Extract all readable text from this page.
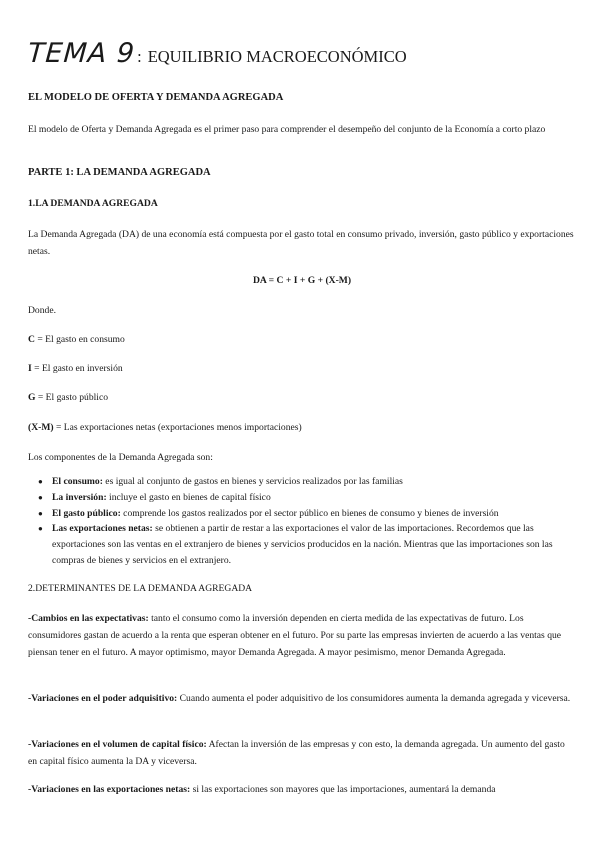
TEMA 9 : EQUILIBRIO MACROECONÓMICO
EL MODELO DE OFERTA Y DEMANDA AGREGADA
El modelo de Oferta y Demanda Agregada es el primer paso para comprender el desempeño del conjunto de la Economía a corto plazo
PARTE 1: LA DEMANDA AGREGADA
1.LA DEMANDA AGREGADA
La Demanda Agregada (DA) de una economía está compuesta por el gasto total en consumo privado, inversión, gasto público y exportaciones netas.
DA = C + I + G + (X-M)
Donde.
C = El gasto en consumo
I = El gasto en inversión
G = El gasto público
(X-M) = Las exportaciones netas (exportaciones menos importaciones)
Los componentes de la Demanda Agregada son:
● El consumo: es igual al conjunto de gastos en bienes y servicios realizados por las familias
● La inversión: incluye el gasto en bienes de capital físico
● El gasto público: comprende los gastos realizados por el sector público en bienes de consumo y bienes de inversión
● Las exportaciones netas: se obtienen a partir de restar a las exportaciones el valor de las importaciones. Recordemos que las exportaciones son las ventas en el extranjero de bienes y servicios producidos en la nación. Mientras que las importaciones son las compras de bienes y servicios en el extranjero.
2.DETERMINANTES DE LA DEMANDA AGREGADA
-Cambios en las expectativas: tanto el consumo como la inversión dependen en cierta medida de las expectativas de futuro. Los consumidores gastan de acuerdo a la renta que esperan obtener en el futuro. Por su parte las empresas invierten de acuerdo a las ventas que piensan tener en el futuro. A mayor optimismo, mayor Demanda Agregada. A mayor pesimismo, menor Demanda Agregada.
-Variaciones en el poder adquisitivo: Cuando aumenta el poder adquisitivo de los consumidores aumenta la demanda agregada y viceversa.
-Variaciones en el volumen de capital físico: Afectan la inversión de las empresas y con esto, la demanda agregada. Un aumento del gasto en capital físico aumenta la DA y viceversa.
-Variaciones en las exportaciones netas: si las exportaciones son mayores que las importaciones, aumentará la demanda
